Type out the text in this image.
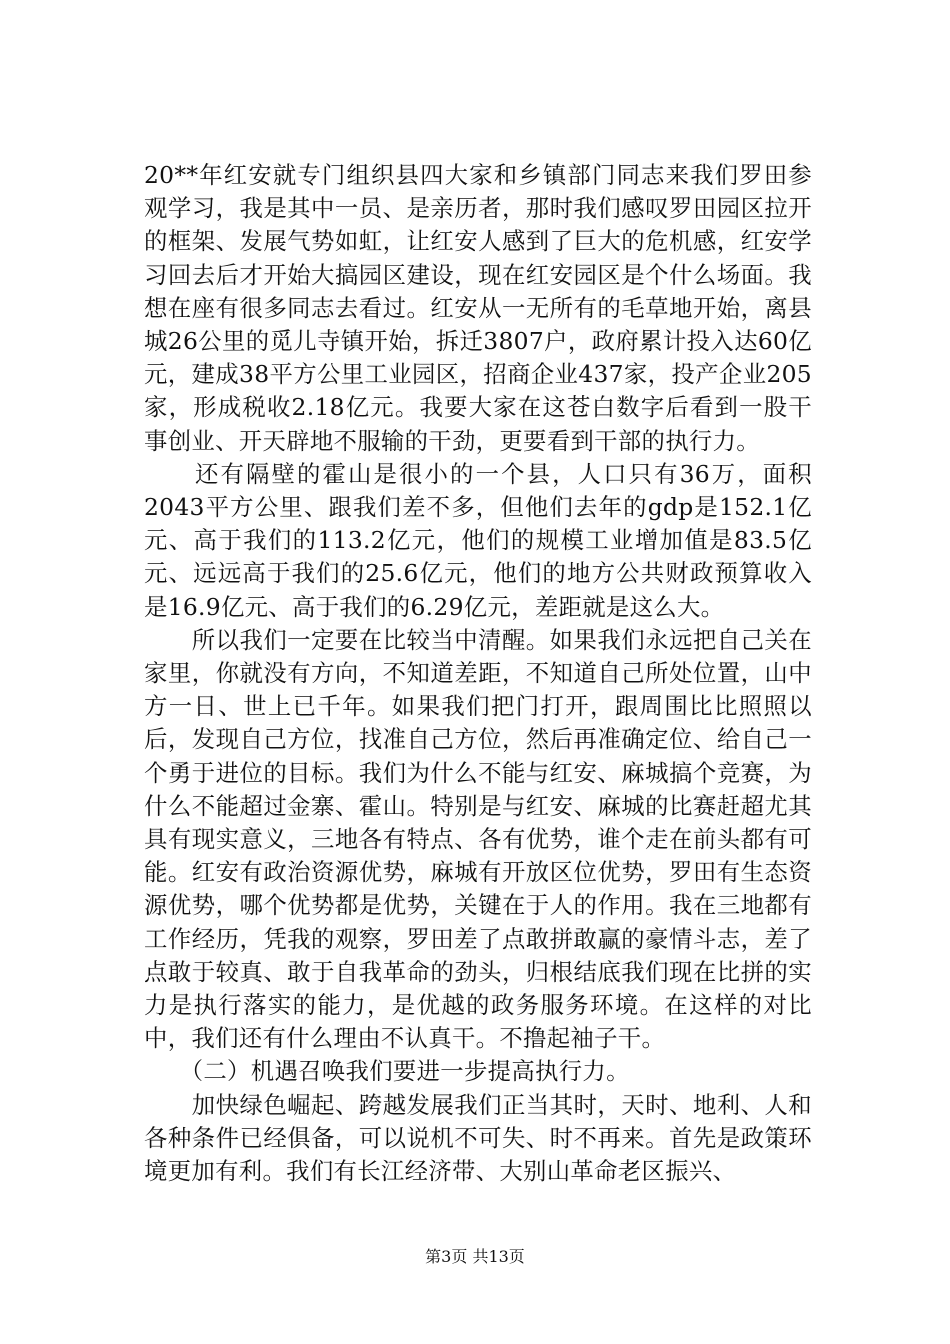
20**年红安就专门组织县四大家和乡镇部门同志来我们罗田参观学习，我是其中一员、是亲历者，那时我们感叹罗田园区拉开的框架、发展气势如虹，让红安人感到了巨大的危机感，红安学习回去后才开始大搞园区建设，现在红安园区是个什么场面。我想在座有很多同志去看过。红安从一无所有的毛草地开始，离县城26公里的觅儿寺镇开始，拆迁3807户，政府累计投入达60亿元，建成38平方公里工业园区，招商企业437家，投产企业205家，形成税收2.18亿元。我要大家在这苍白数字后看到一股干事创业、开天辟地不服输的干劲，更要看到干部的执行力。

　　还有隔壁的霍山是很小的一个县，人口只有36万，面积2043平方公里、跟我们差不多，但他们去年的gdp是152.1亿元、高于我们的113.2亿元，他们的规模工业增加值是83.5亿元、远远高于我们的25.6亿元，他们的地方公共财政预算收入是16.9亿元、高于我们的6.29亿元，差距就是这么大。

　　所以我们一定要在比较当中清醒。如果我们永远把自己关在家里，你就没有方向，不知道差距，不知道自己所处位置，山中方一日、世上已千年。如果我们把门打开，跟周围比比照照以后，发现自己方位，找准自己方位，然后再准确定位、给自己一个勇于进位的目标。我们为什么不能与红安、麻城搞个竞赛，为什么不能超过金寨、霍山。特别是与红安、麻城的比赛赶超尤其具有现实意义，三地各有特点、各有优势，谁个走在前头都有可能。红安有政治资源优势，麻城有开放区位优势，罗田有生态资源优势，哪个优势都是优势，关键在于人的作用。我在三地都有工作经历，凭我的观察，罗田差了点敢拼敢赢的豪情斗志，差了点敢于较真、敢于自我革命的劲头，归根结底我们现在比拼的实力是执行落实的能力，是优越的政务服务环境。在这样的对比中，我们还有什么理由不认真干。不撸起袖子干。

　　（二）机遇召唤我们要进一步提高执行力。

　　加快绿色崛起、跨越发展我们正当其时，天时、地利、人和各种条件已经俱备，可以说机不可失、时不再来。首先是政策环境更加有利。我们有长江经济带、大别山革命老区振兴、

第3页 共13页
